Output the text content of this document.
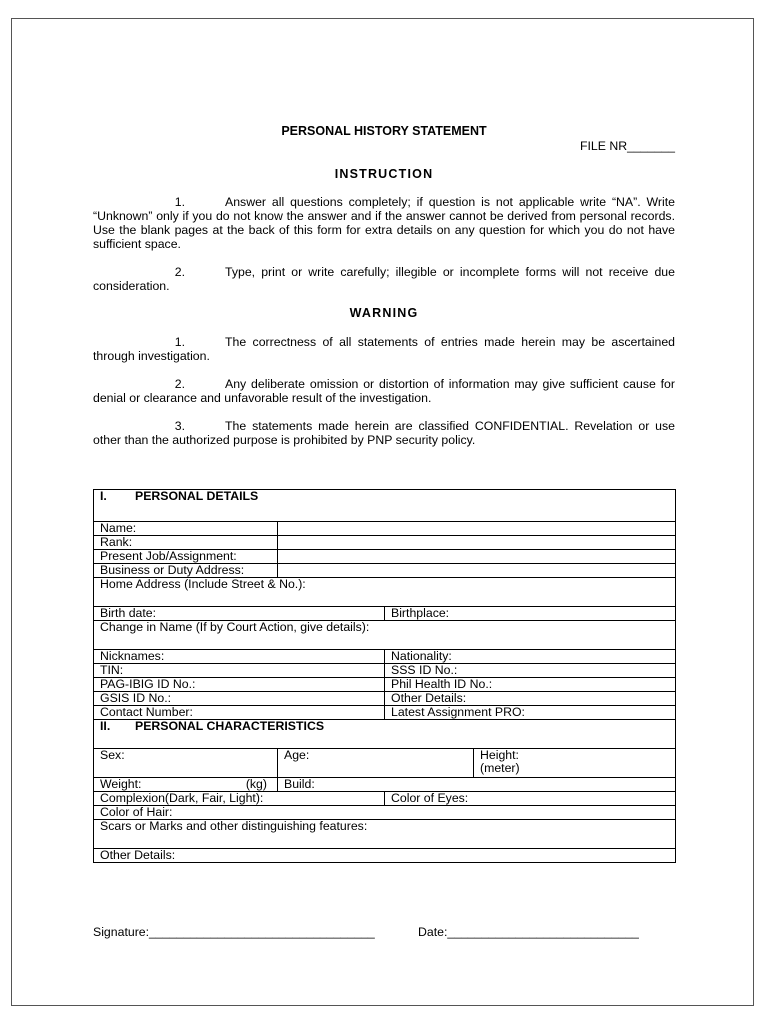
PERSONAL HISTORY STATEMENT
FILE NR_______
INSTRUCTION
1.	Answer all questions completely; if question is not applicable write “NA”. Write “Unknown” only if you do not know the answer and if the answer cannot be derived from personal records. Use the blank pages at the back of this form for extra details on any question for which you do not have sufficient space.
2.	Type, print or write carefully; illegible or incomplete forms will not receive due consideration.
WARNING
1.	The correctness of all statements of entries made herein may be ascertained through investigation.
2.	Any deliberate omission or distortion of information may give sufficient cause for denial or clearance and unfavorable result of the investigation.
3.	The statements made herein are classified CONFIDENTIAL. Revelation or use other than the authorized purpose is prohibited by PNP security policy.
I. PERSONAL DETAILS			
Name:			
Rank:			
Present Job/Assignment:			
Business or Duty Address:			
Home Address (Include Street & No.):			
Birth date:		Birthplace:	
Change in Name (If by Court Action, give details):			
Nicknames:		Nationality:	
TIN:		SSS ID No.:	
PAG-IBIG ID No.:		Phil Health ID No.:	
GSIS ID No.:		Other Details:	
Contact Number:		Latest Assignment PRO:	
II. PERSONAL CHARACTERISTICS			
Sex:	Age:		Height:
(meter)
Weight: (kg)	Build:		
Complexion(Dark, Fair, Light):		Color of Eyes:	
Color of Hair:			
Scars or Marks and other distinguishing features:			
Other Details:			
Signature:_________________________________	Date:____________________________
